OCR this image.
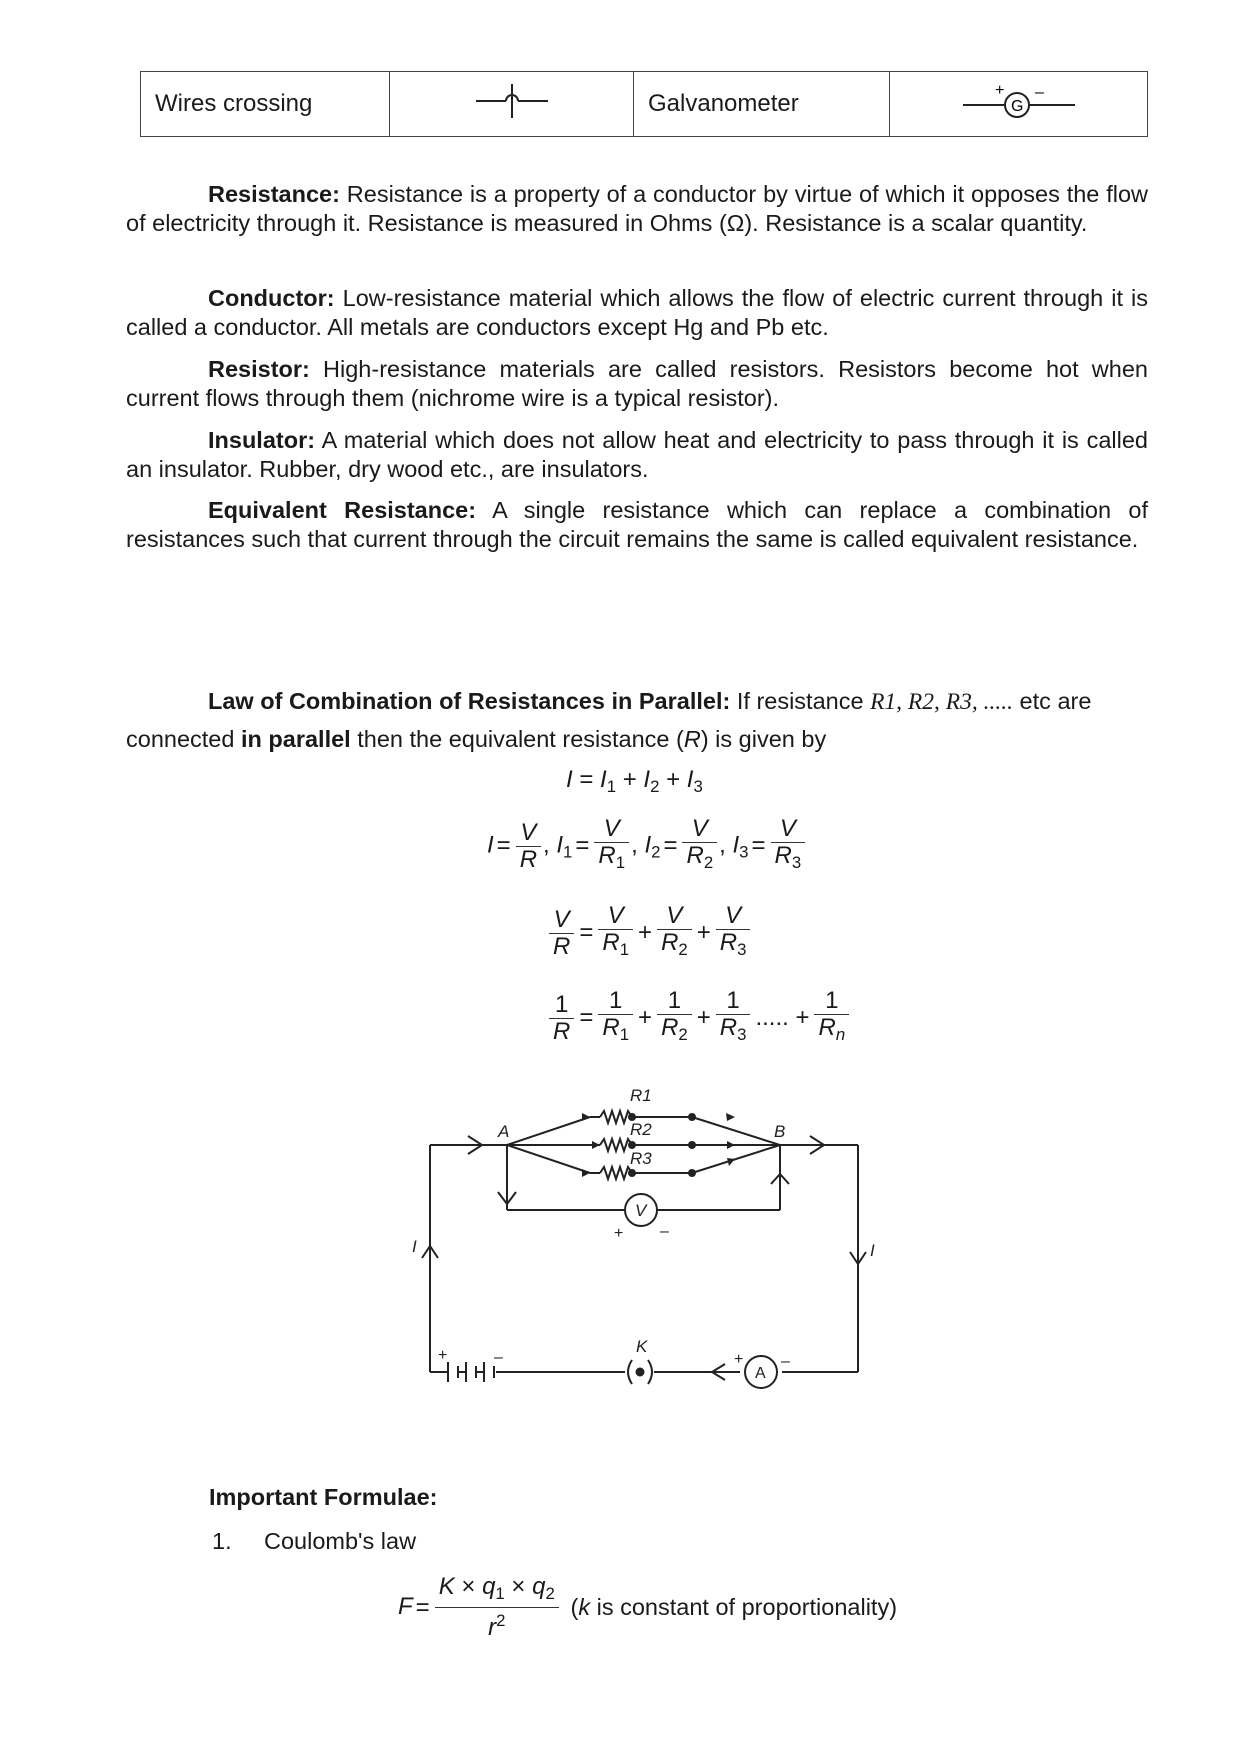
Wires crossing		Galvanometer	+
G
–

Resistance: Resistance is a property of a conductor by virtue of which it opposes the flow of electricity through it. Resistance is measured in Ohms (Ω). Resistance is a scalar quantity.

Conductor: Low-resistance material which allows the flow of electric current through it is called a conductor. All metals are conductors except Hg and Pb etc.

Resistor: High-resistance materials are called resistors. Resistors become hot when current flows through them (nichrome wire is a typical resistor).

Insulator: A material which does not allow heat and electricity to pass through it is called an insulator. Rubber, dry wood etc., are insulators.

Equivalent Resistance: A single resistance which can replace a combination of resistances such that current through the circuit remains the same is called equivalent resistance.

Law of Combination of Resistances in Parallel: If resistance R1, R2, R3, ..... etc are
connected in parallel then the equivalent resistance (R) is given by

$I = I_1 + I_2 + I_3$
$I = \frac{V}{R}$ , $I_1 = \frac{V}{R_1}$ , $I_2 = \frac{V}{R_2}$ , $I_3 = \frac{V}{R_3}$
$\frac{V}{R} = \frac{V}{R_1} + \frac{V}{R_2} + \frac{V}{R_3}$
$\frac{1}{R} = \frac{1}{R_1} + \frac{1}{R_2} + \frac{1}{R_3}$ ..... + $\frac{1}{R_n}$
R1
R2
R3
A	B
I	I
K
V
+ –
A
+ –
+	–
Important Formulae:
1. Coulomb's law
$F = \frac{K \times q_1 \times q_2}{r^2} (k$ is constant of proportionality)
